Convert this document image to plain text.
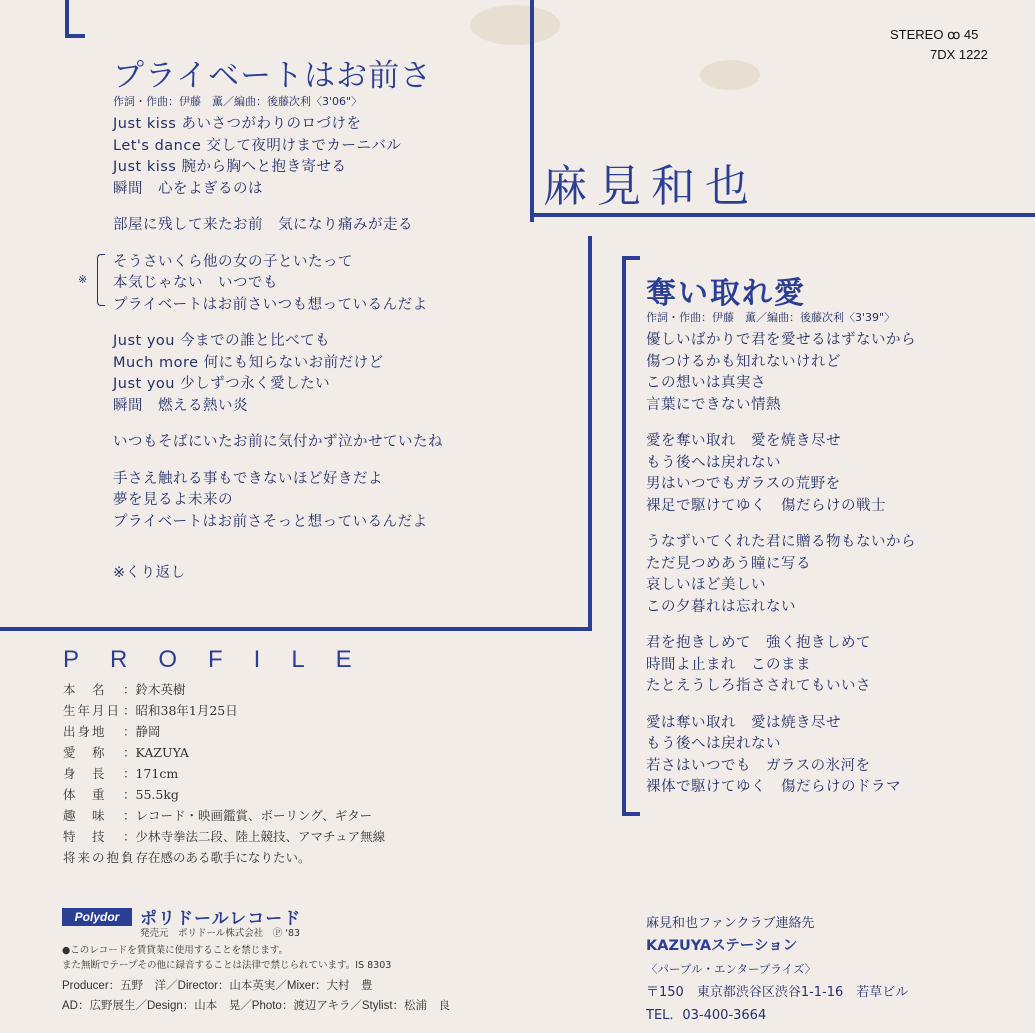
STEREO ꝏ 45
7DX 1222
麻見和也
プライベートはお前さ
作詞・作曲：伊藤　薫／編曲：後藤次利〈3'06"〉
※
Just kiss あいさつがわりのロづけを
Let's dance 交して夜明けまでカーニバル
Just kiss 腕から胸へと抱き寄せる
瞬間　心をよぎるのは
部屋に残して来たお前　気になり痛みが走る
そうさいくら他の女の子といたって
本気じゃない　いつでも
プライベートはお前さいつも想っているんだよ
Just you 今までの誰と比べても
Much more 何にも知らないお前だけど
Just you 少しずつ永く愛したい
瞬間　燃える熱い炎
いつもそばにいたお前に気付かず泣かせていたね
手さえ触れる事もできないほど好きだよ
夢を見るよ未来の
プライベートはお前さそっと想っているんだよ
※くり返し
奪い取れ愛
作詞・作曲：伊藤　薫／編曲：後藤次利〈3'39"〉
優しいばかりで君を愛せるはずないから
傷つけるかも知れないけれど
この想いは真実さ
言葉にできない情熱
愛を奪い取れ　愛を焼き尽せ
もう後へは戻れない
男はいつでもガラスの荒野を
裸足で駆けてゆく　傷だらけの戦士
うなずいてくれた君に贈る物もないから
ただ見つめあう瞳に写る
哀しいほど美しい
この夕暮れは忘れない
君を抱きしめて　強く抱きしめて
時間よ止まれ　このまま
たとえうしろ指さされてもいいさ
愛は奪い取れ　愛は焼き尽せ
もう後へは戻れない
若さはいつでも　ガラスの氷河を
裸体で駆けてゆく　傷だらけのドラマ
PROFILE
本　名 ：鈴木英樹
生年月日 ：昭和38年1月25日
出身地 ：静岡
愛　称 ：KAZUYA
身　長 ：171cm
体　重 ：55.5kg
趣　味 ：レコード・映画鑑賞、ボーリング、ギター
特　技 ：少林寺拳法二段、陸上競技、アマチュア無線
将来の抱負：存在感のある歌手になりたい。
Polydor	ポリドールレコード
発売元　ポリドール株式会社　Ⓟ '83
●このレコードを賃貸業に使用することを禁じます。
また無断でテープその他に録音することは法律で禁じられています。IS 8303
Producer：五野　洋／Director：山本英実／Mixer：大村　豊
AD：広野展生／Design：山本　晃／Photo：渡辺アキラ／Stylist：松浦　良
麻見和也ファンクラブ連絡先
KAZUYAステーション
〈パープル・エンタープライズ〉
〒150　東京都渋谷区渋谷1-1-16　若草ビル
TEL．03-400-3664
